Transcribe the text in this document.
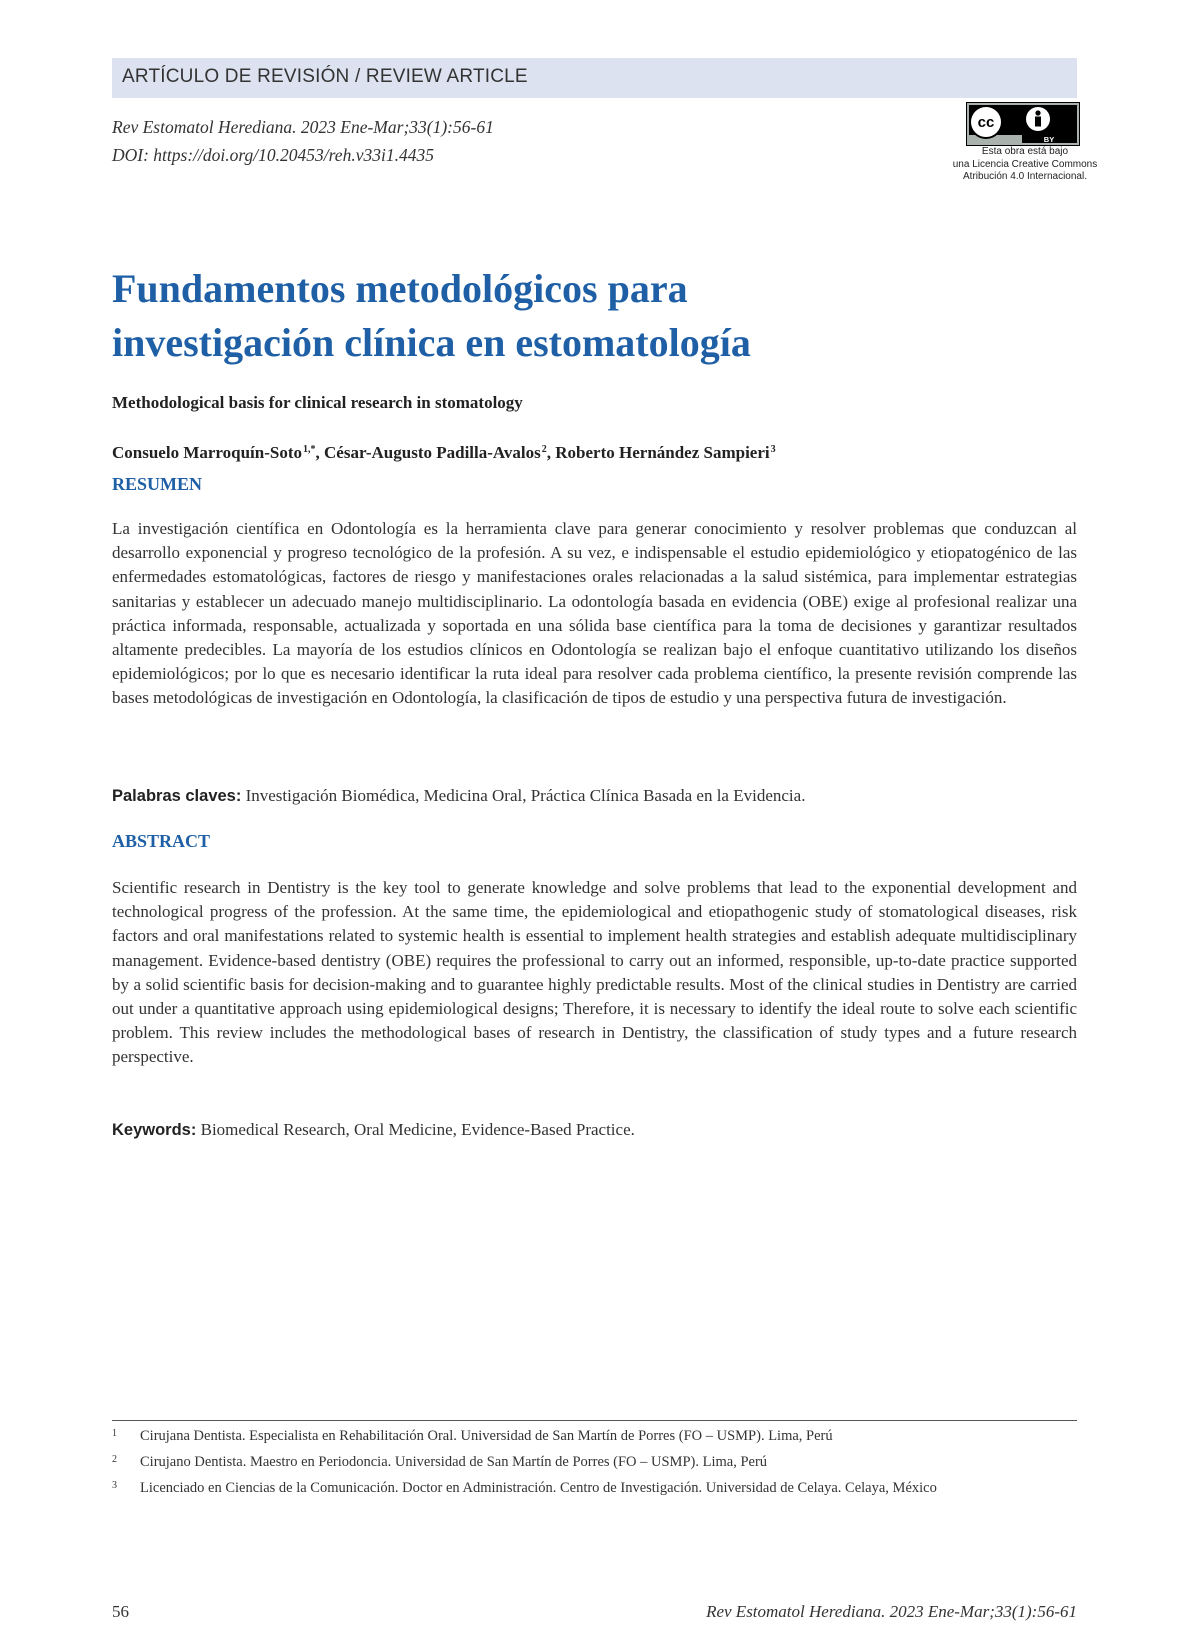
ARTÍCULO DE REVISIÓN / REVIEW ARTICLE
Rev Estomatol Herediana. 2023 Ene-Mar;33(1):56-61
DOI: https://doi.org/10.20453/reh.v33i1.4435
cc
BY
Esta obra está bajo
una Licencia Creative Commons
Atribución 4.0 Internacional.
Fundamentos metodológicos para
investigación clínica en estomatología

Methodological basis for clinical research in stomatology

Consuelo Marroquín-Soto$^{1,*}$, César-Augusto Padilla-Avalos$^2$, Roberto Hernández Sampieri$^3$

RESUMEN

La investigación científica en Odontología es la herramienta clave para generar conocimiento y resolver problemas que conduzcan al desarrollo exponencial y progreso tecnológico de la profesión. A su vez, e indispensable el estudio epidemiológico y etiopatogénico de las enfermedades estomatológicas, factores de riesgo y manifestaciones orales relacionadas a la salud sistémica, para implementar estrategias sanitarias y establecer un adecuado manejo multidisciplinario. La odontología basada en evidencia (OBE) exige al profesional realizar una práctica informada, responsable, actualizada y soportada en una sólida base científica para la toma de decisiones y garantizar resultados altamente predecibles. La mayoría de los estudios clínicos en Odontología se realizan bajo el enfoque cuantitativo utilizando los diseños epidemiológicos; por lo que es necesario identificar la ruta ideal para resolver cada problema científico, la presente revisión comprende las bases metodológicas de investigación en Odontología, la clasificación de tipos de estudio y una perspectiva futura de investigación.

Palabras claves: Investigación Biomédica, Medicina Oral, Práctica Clínica Basada en la Evidencia.

ABSTRACT

Scientific research in Dentistry is the key tool to generate knowledge and solve problems that lead to the exponential development and technological progress of the profession. At the same time, the epidemiological and etiopathogenic study of stomatological diseases, risk factors and oral manifestations related to systemic health is essential to implement health strategies and establish adequate multidisciplinary management. Evidence-based dentistry (OBE) requires the professional to carry out an informed, responsible, up-to-date practice supported by a solid scientific basis for decision-making and to guarantee highly predictable results. Most of the clinical studies in Dentistry are carried out under a quantitative approach using epidemiological designs; Therefore, it is necessary to identify the ideal route to solve each scientific problem. This review includes the methodological bases of research in Dentistry, the classification of study types and a future research perspective.

Keywords: Biomedical Research, Oral Medicine, Evidence-Based Practice.

1 Cirujana Dentista. Especialista en Rehabilitación Oral. Universidad de San Martín de Porres (FO – USMP). Lima, Perú
2 Cirujano Dentista. Maestro en Periodoncia. Universidad de San Martín de Porres (FO – USMP). Lima, Perú
3 Licenciado en Ciencias de la Comunicación. Doctor en Administración. Centro de Investigación. Universidad de Celaya. Celaya, México
56	Rev Estomatol Herediana. 2023 Ene-Mar;33(1):56-61
